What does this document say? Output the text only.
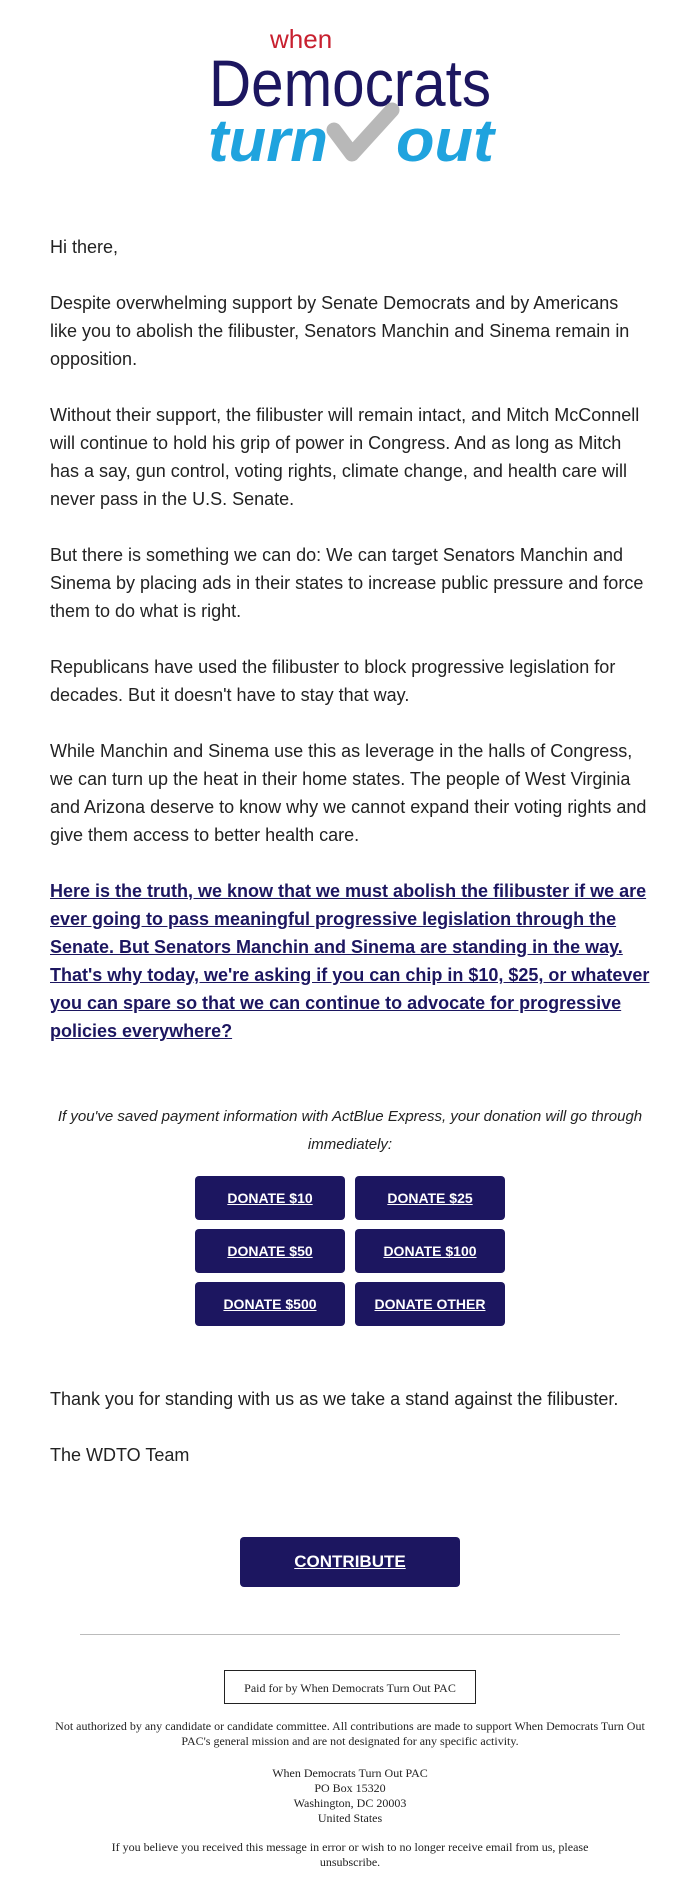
when
Democrats
turn out

Hi there,

Despite overwhelming support by Senate Democrats and by Americans like you to abolish the filibuster, Senators Manchin and Sinema remain in opposition.

Without their support, the filibuster will remain intact, and Mitch McConnell will continue to hold his grip of power in Congress. And as long as Mitch has a say, gun control, voting rights, climate change, and health care will never pass in the U.S. Senate.

But there is something we can do: We can target Senators Manchin and Sinema by placing ads in their states to increase public pressure and force them to do what is right.

Republicans have used the filibuster to block progressive legislation for decades. But it doesn't have to stay that way.

While Manchin and Sinema use this as leverage in the halls of Congress, we can turn up the heat in their home states. The people of West Virginia and Arizona deserve to know why we cannot expand their voting rights and give them access to better health care.

Here is the truth, we know that we must abolish the filibuster if we are ever going to pass meaningful progressive legislation through the Senate. But Senators Manchin and Sinema are standing in the way. That's why today, we're asking if you can chip in $10, $25, or whatever you can spare so that we can continue to advocate for progressive policies everywhere?
If you've saved payment information with ActBlue Express, your donation will go through immediately:
DONATE $10	DONATE $25
DONATE $50	DONATE $100
DONATE $500	DONATE OTHER

Thank you for standing with us as we take a stand against the filibuster.

The WDTO Team

CONTRIBUTE
Paid for by When Democrats Turn Out PAC
Not authorized by any candidate or candidate committee. All contributions are made to support When Democrats Turn Out PAC's general mission and are not designated for any specific activity.
When Democrats Turn Out PAC
PO Box 15320
Washington, DC 20003
United States
If you believe you received this message in error or wish to no longer receive email from us, please unsubscribe.
